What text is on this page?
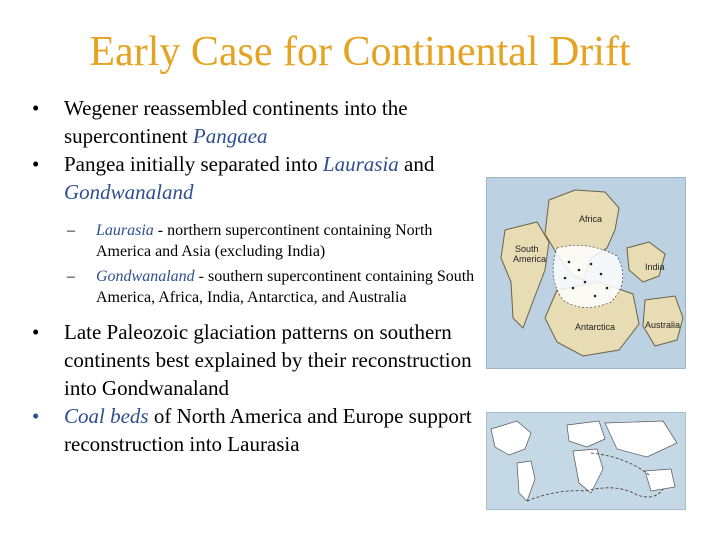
Early Case for Continental Drift
• Wegener reassembled continents into the supercontinent Pangaea
• Pangea initially separated into Laurasia and Gondwanaland
– Laurasia - northern supercontinent containing North America and Asia (excluding India)
– Gondwanaland - southern supercontinent containing South America, Africa, India, Antarctica, and Australia
• Late Paleozoic glaciation patterns on southern continents best explained by their reconstruction into Gondwanaland
• Coal beds of North America and Europe support reconstruction into Laurasia
Africa
South
America
India
Antarctica	Australia
